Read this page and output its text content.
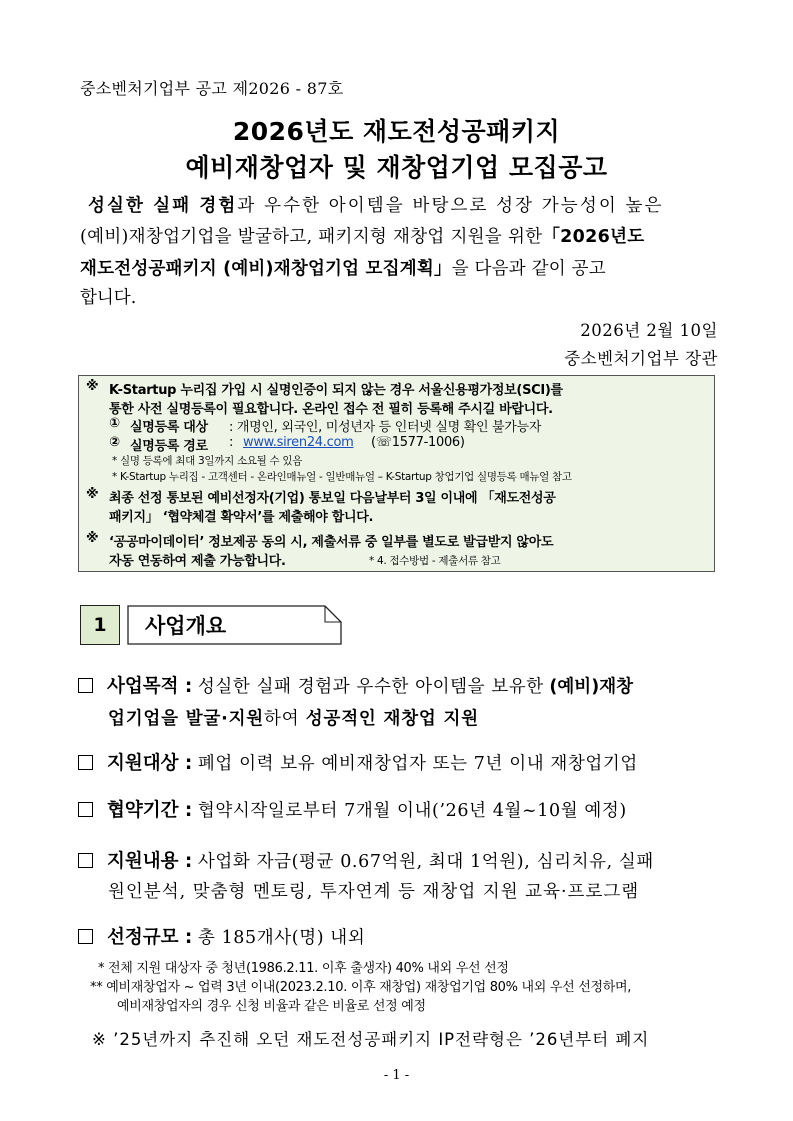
중소벤처기업부 공고 제2026 - 87호
2026년도 재도전성공패키지
예비재창업자 및 재창업기업 모집공고
성실한 실패 경험과 우수한 아이템을 바탕으로 성장 가능성이 높은
(예비)재창업기업을 발굴하고, 패키지형 재창업 지원을 위한「2026년도
재도전성공패키지 (예비)재창업기업 모집계획」을 다음과 같이 공고
합니다.
2026년 2월 10일
중소벤처기업부 장관
※ K-Startup 누리집 가입 시 실명인증이 되지 않는 경우 서울신용평가정보(SCI)를
통한 사전 실명등록이 필요합니다. 온라인 접수 전 필히 등록해 주시길 바랍니다.
① 실명등록 대상 : 개명인, 외국인, 미성년자 등 인터넷 실명 확인 불가능자
② 실명등록 경로 : www.siren24.com (☏1577-1006)
* 실명 등록에 최대 3일까지 소요될 수 있음
* K-Startup 누리집 - 고객센터 - 온라인매뉴얼 - 일반매뉴얼 – K-Startup 창업기업 실명등록 매뉴얼 참고
※ 최종 선정 통보된 예비선정자(기업) 통보일 다음날부터 3일 이내에 「재도전성공
패키지」 ‘협약체결 확약서’를 제출해야 합니다.
※ ‘공공마이데이터’ 정보제공 동의 시, 제출서류 중 일부를 별도로 발급받지 않아도
자동 연동하여 제출 가능합니다.	* 4. 접수방법 - 제출서류 참고
1 사업개요
사업목적 : 성실한 실패 경험과 우수한 아이템을 보유한 (예비)재창
업기업을 발굴·지원하여 성공적인 재창업 지원
지원대상 : 폐업 이력 보유 예비재창업자 또는 7년 이내 재창업기업
협약기간 : 협약시작일로부터 7개월 이내(’26년 4월~10월 예정)
지원내용 : 사업화 자금(평균 0.67억원, 최대 1억원), 심리치유, 실패
원인분석, 맞춤형 멘토링, 투자연계 등 재창업 지원 교육·프로그램
선정규모 : 총 185개사(명) 내외
* 전체 지원 대상자 중 청년(1986.2.11. 이후 출생자) 40% 내외 우선 선정
** 예비재창업자 ~ 업력 3년 이내(2023.2.10. 이후 재창업) 재창업기업 80% 내외 우선 선정하며,
예비재창업자의 경우 신청 비율과 같은 비율로 선정 예정
※ ’25년까지 추진해 오던 재도전성공패키지 IP전략형은 ’26년부터 폐지
- 1 -
